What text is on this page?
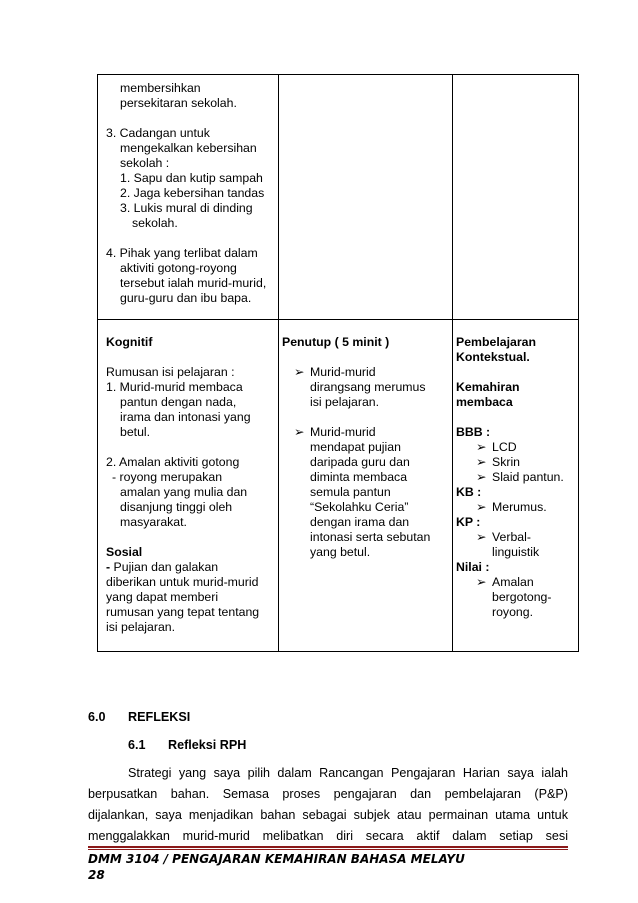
membersihkan

persekitaran sekolah.

3. Cadangan untuk

mengekalkan kebersihan

sekolah :

1. Sapu dan kutip sampah

2. Jaga kebersihan tandas

3. Lukis mural di dinding

sekolah.

4. Pihak yang terlibat dalam

aktiviti gotong-royong

tersebut ialah murid-murid,

guru-guru dan ibu bapa.

Kognitif

Rumusan isi pelajaran :

1. Murid-murid membaca

pantun dengan nada,

irama dan intonasi yang

betul.

2. Amalan aktiviti gotong

- royong merupakan

amalan yang mulia dan

disanjung tinggi oleh

masyarakat.

Sosial

- Pujian dan galakan

diberikan untuk murid-murid

yang dapat memberi

rumusan yang tepat tentang

isi pelajaran.

Penutup ( 5 minit )

➢ Murid-murid

dirangsang merumus

isi pelajaran.

➢ Murid-murid

mendapat pujian

daripada guru dan

diminta membaca

semula pantun

“Sekolahku Ceria”

dengan irama dan

intonasi serta sebutan

yang betul.

Pembelajaran

Kontekstual.

Kemahiran

membaca

BBB :

➢ LCD
➢ Skrin
➢ Slaid pantun.

KB :

➢ Merumus.

KP :

➢ Verbal-

linguistik

Nilai :

➢ Amalan

bergotong-

royong.

6.0 REFLEKSI
6.1 Refleksi RPH
Strategi yang saya pilih dalam Rancangan Pengajaran Harian saya ialah
berpusatkan bahan. Semasa proses pengajaran dan pembelajaran (P&P)
dijalankan, saya menjadikan bahan sebagai subjek atau permainan utama untuk
menggalakkan murid-murid melibatkan diri secara aktif dalam setiap sesi
DMM 3104 / PENGAJARAN KEMAHIRAN BAHASA MELAYU
28
